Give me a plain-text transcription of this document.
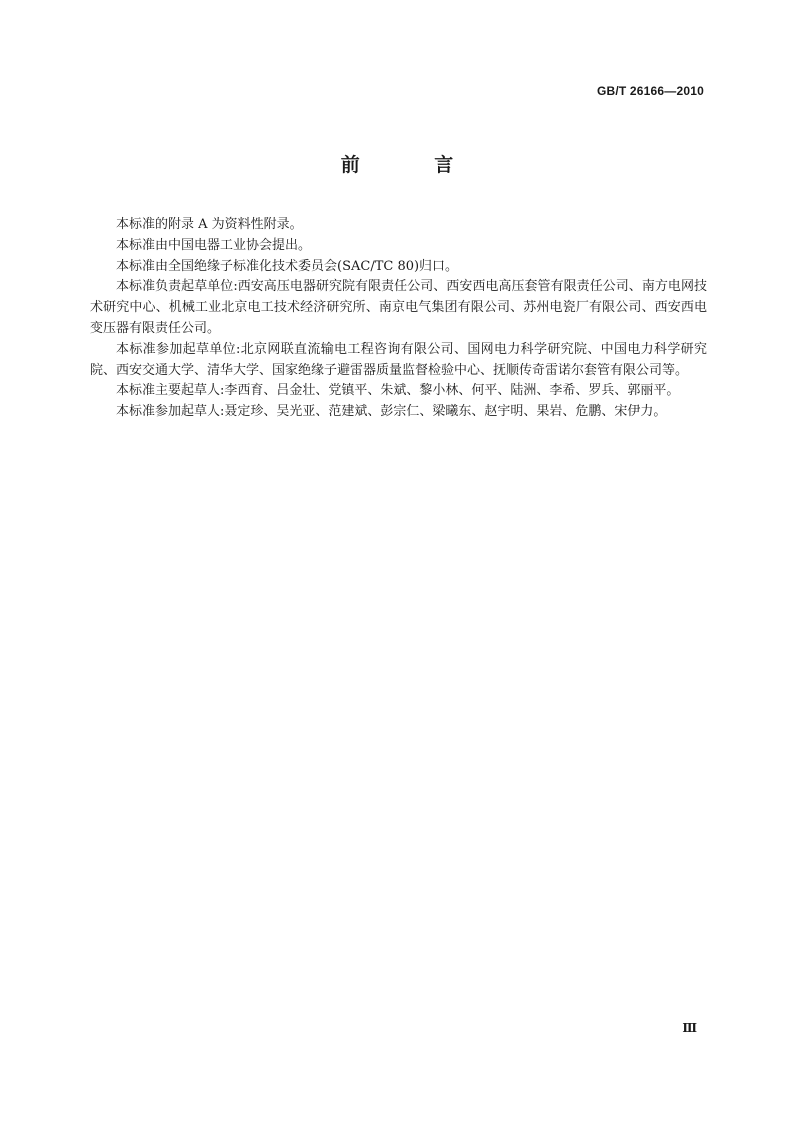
GB/T 26166—2010
前 言

本标准的附录 A 为资料性附录。

本标准由中国电器工业协会提出。

本标准由全国绝缘子标准化技术委员会(SAC/TC 80)归口。

本标准负责起草单位:西安高压电器研究院有限责任公司、西安西电高压套管有限责任公司、南方电网技术研究中心、机械工业北京电工技术经济研究所、南京电气集团有限公司、苏州电瓷厂有限公司、西安西电变压器有限责任公司。

本标准参加起草单位:北京网联直流输电工程咨询有限公司、国网电力科学研究院、中国电力科学研究院、西安交通大学、清华大学、国家绝缘子避雷器质量监督检验中心、抚顺传奇雷诺尔套管有限公司等。

本标准主要起草人:李西育、吕金壮、党镇平、朱斌、黎小林、何平、陆洲、李希、罗兵、郭丽平。

本标准参加起草人:聂定珍、吴光亚、范建斌、彭宗仁、梁曦东、赵宇明、果岩、危鹏、宋伊力。

Ⅲ
